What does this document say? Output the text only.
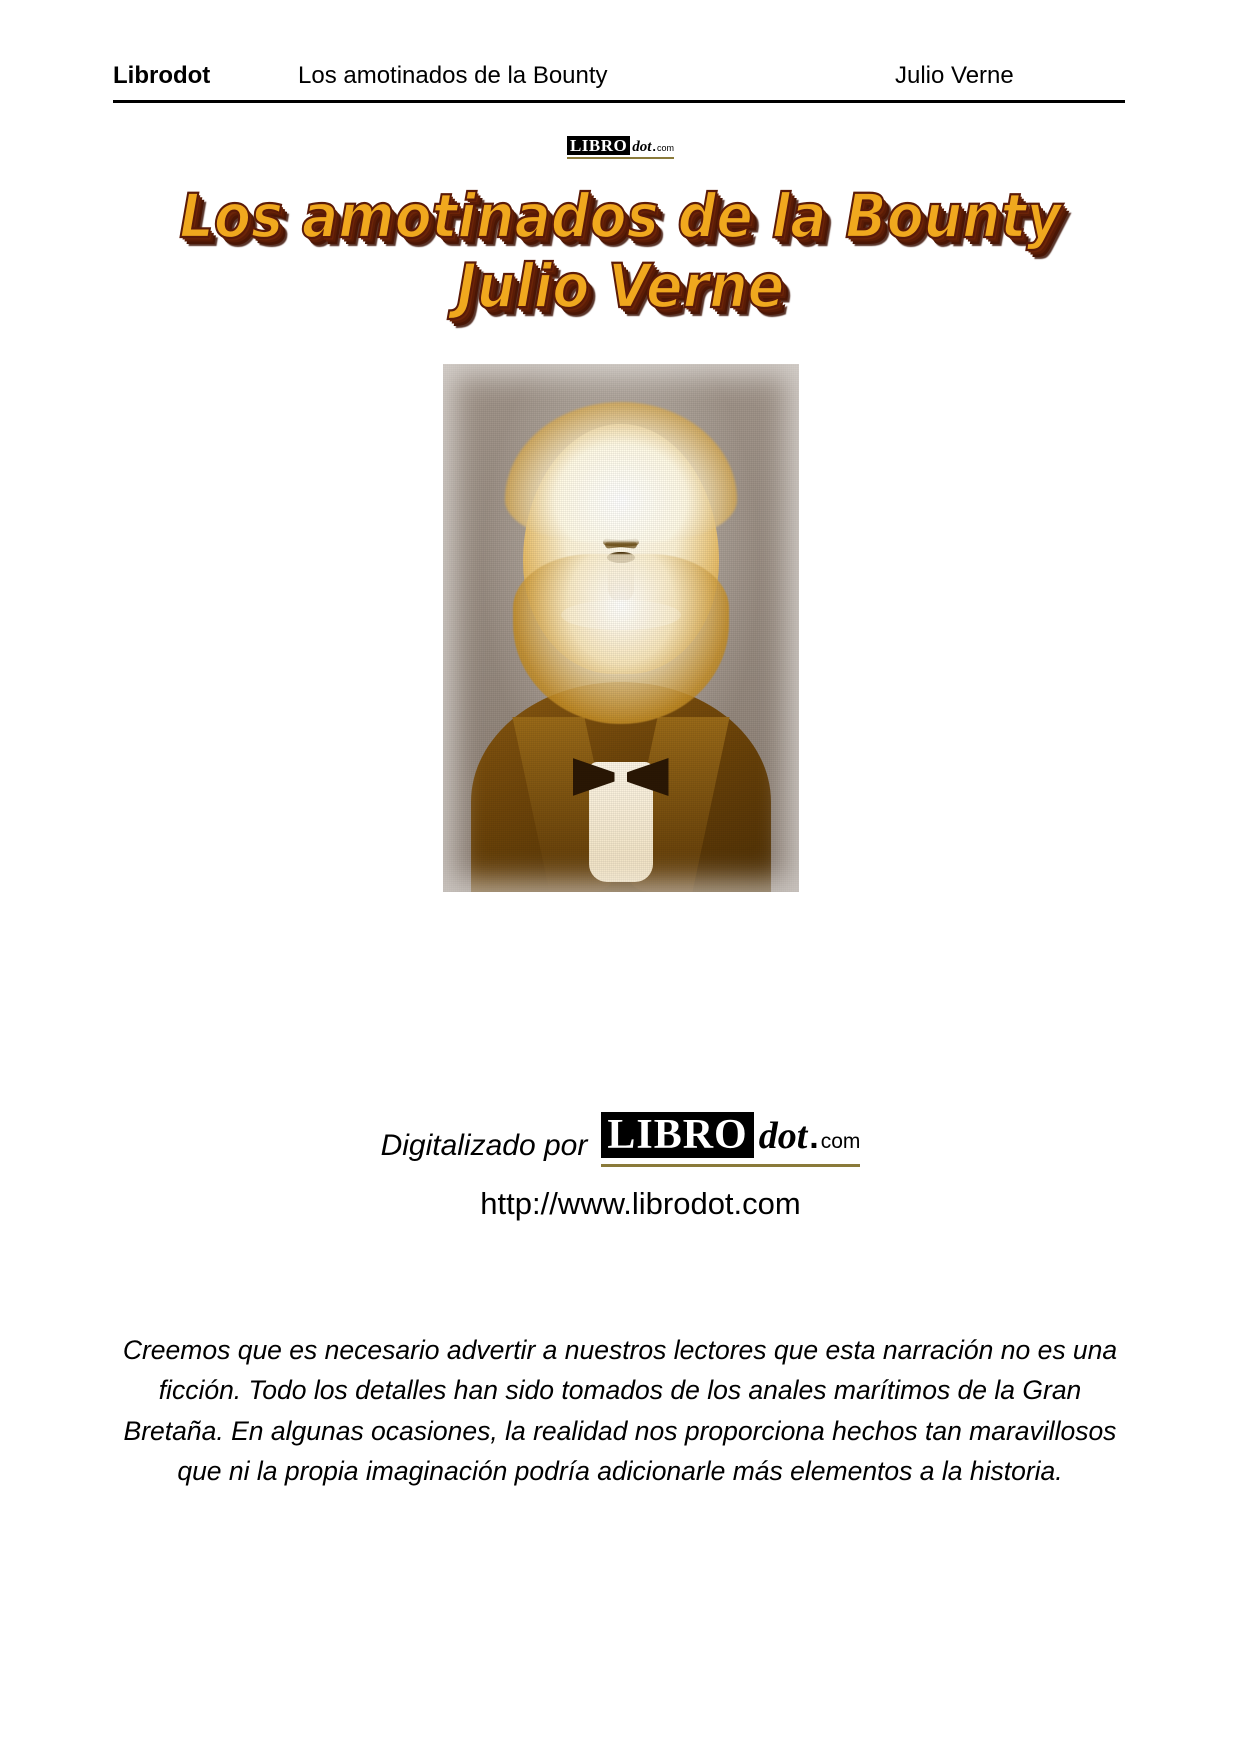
Librodot	Los amotinados de la Bounty	Julio Verne
LIBRO dot . com
Los amotinados de la Bounty
Julio Verne
Digitalizado por LIBRO dot . com
http://www.librodot.com
Creemos que es necesario advertir a nuestros lectores que esta narración no es una ficción. Todo los detalles han sido tomados de los anales marítimos de la Gran Bretaña. En algunas ocasiones, la realidad nos proporciona hechos tan maravillosos que ni la propia imaginación podría adicionarle más elementos a la historia.
